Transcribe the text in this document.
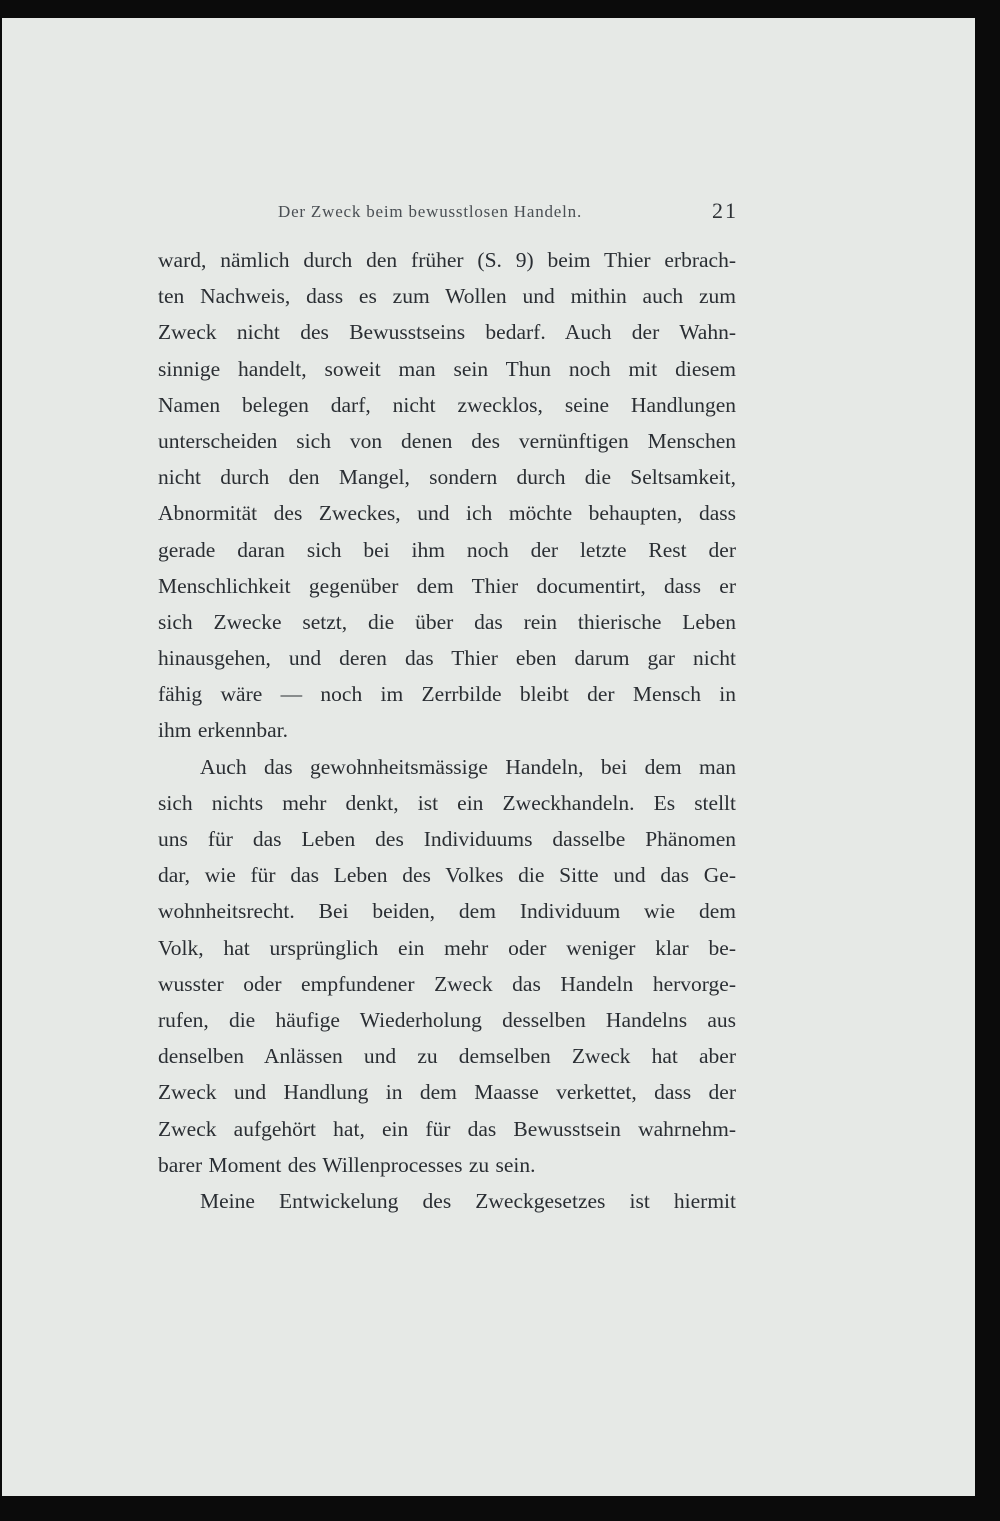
Der Zweck beim bewusstlosen Handeln.	21
ward, nämlich durch den früher (S. 9) beim Thier erbrach-
ten Nachweis, dass es zum Wollen und mithin auch zum
Zweck nicht des Bewusstseins bedarf. Auch der Wahn-
sinnige handelt, soweit man sein Thun noch mit diesem
Namen belegen darf, nicht zwecklos, seine Handlungen
unterscheiden sich von denen des vernünftigen Menschen
nicht durch den Mangel, sondern durch die Seltsamkeit,
Abnormität des Zweckes, und ich möchte behaupten, dass
gerade daran sich bei ihm noch der letzte Rest der
Menschlichkeit gegenüber dem Thier documentirt, dass er
sich Zwecke setzt, die über das rein thierische Leben
hinausgehen, und deren das Thier eben darum gar nicht
fähig wäre — noch im Zerrbilde bleibt der Mensch in
ihm erkennbar.
Auch das gewohnheitsmässige Handeln, bei dem man
sich nichts mehr denkt, ist ein Zweckhandeln. Es stellt
uns für das Leben des Individuums dasselbe Phänomen
dar, wie für das Leben des Volkes die Sitte und das Ge-
wohnheitsrecht. Bei beiden, dem Individuum wie dem
Volk, hat ursprünglich ein mehr oder weniger klar be-
wusster oder empfundener Zweck das Handeln hervorge-
rufen, die häufige Wiederholung desselben Handelns aus
denselben Anlässen und zu demselben Zweck hat aber
Zweck und Handlung in dem Maasse verkettet, dass der
Zweck aufgehört hat, ein für das Bewusstsein wahrnehm-
barer Moment des Willenprocesses zu sein.
Meine Entwickelung des Zweckgesetzes ist hiermit
